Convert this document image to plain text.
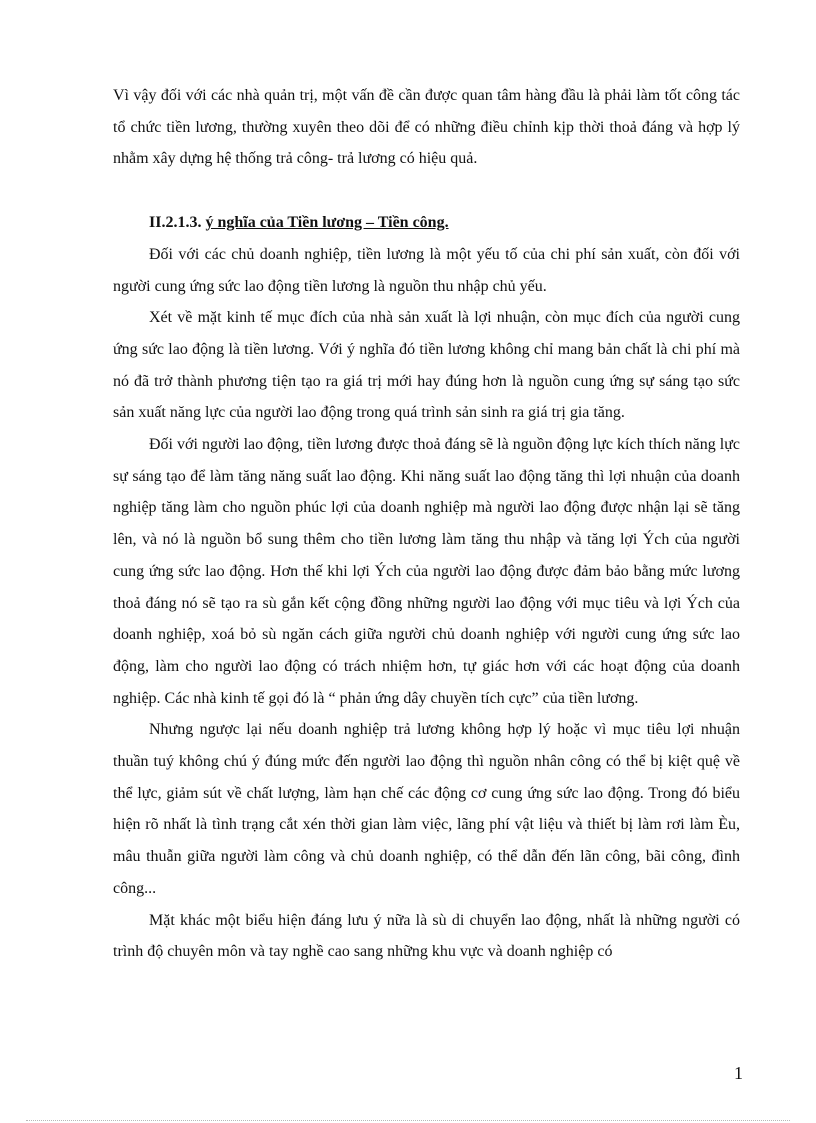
Vì vậy đối với các nhà quản trị, một vấn đề cần được quan tâm hàng đầu là phải làm tốt công tác tổ chức tiền lương, thường xuyên theo dõi để có những điều chỉnh kịp thời thoả đáng và hợp lý nhằm xây dựng hệ thống trả công- trả lương có hiệu quả.

II.2.1.3. ý nghĩa của Tiền lương – Tiền công.

Đối với các chủ doanh nghiệp, tiền lương là một yếu tố của chi phí sản xuất, còn đối với người cung ứng sức lao động tiền lương là nguồn thu nhập chủ yếu.

Xét về mặt kinh tế mục đích của nhà sản xuất là lợi nhuận, còn mục đích của người cung ứng sức lao động là tiền lương. Với ý nghĩa đó tiền lương không chỉ mang bản chất là chi phí mà nó đã trở thành phương tiện tạo ra giá trị mới hay đúng hơn là nguồn cung ứng sự sáng tạo sức sản xuất năng lực của người lao động trong quá trình sản sinh ra giá trị gia tăng.

Đối với người lao động, tiền lương được thoả đáng sẽ là nguồn động lực kích thích năng lực sự sáng tạo để làm tăng năng suất lao động. Khi năng suất lao động tăng thì lợi nhuận của doanh nghiệp tăng làm cho nguồn phúc lợi của doanh nghiệp mà người lao động được nhận lại sẽ tăng lên, và nó là nguồn bổ sung thêm cho tiền lương làm tăng thu nhập và tăng lợi Ých của người cung ứng sức lao động. Hơn thế khi lợi Ých của người lao động được đảm bảo bằng mức lương thoả đáng nó sẽ tạo ra sù gắn kết cộng đồng những người lao động với mục tiêu và lợi Ých của doanh nghiệp, xoá bỏ sù ngăn cách giữa người chủ doanh nghiệp với người cung ứng sức lao động, làm cho người lao động có trách nhiệm hơn, tự giác hơn với các hoạt động của doanh nghiệp. Các nhà kinh tế gọi đó là “ phản ứng dây chuyền tích cực” của tiền lương.

Nhưng ngược lại nếu doanh nghiệp trả lương không hợp lý hoặc vì mục tiêu lợi nhuận thuần tuý không chú ý đúng mức đến người lao động thì nguồn nhân công có thể bị kiệt quệ về thể lực, giảm sút về chất lượng, làm hạn chế các động cơ cung ứng sức lao động. Trong đó biểu hiện rõ nhất là tình trạng cắt xén thời gian làm việc, lãng phí vật liệu và thiết bị làm rơi làm Èu, mâu thuẫn giữa người làm công và chủ doanh nghiệp, có thể dẫn đến lãn công, bãi công, đình công...

Mặt khác một biểu hiện đáng lưu ý nữa là sù di chuyển lao động, nhất là những người có trình độ chuyên môn và tay nghề cao sang những khu vực và doanh nghiệp có

1
